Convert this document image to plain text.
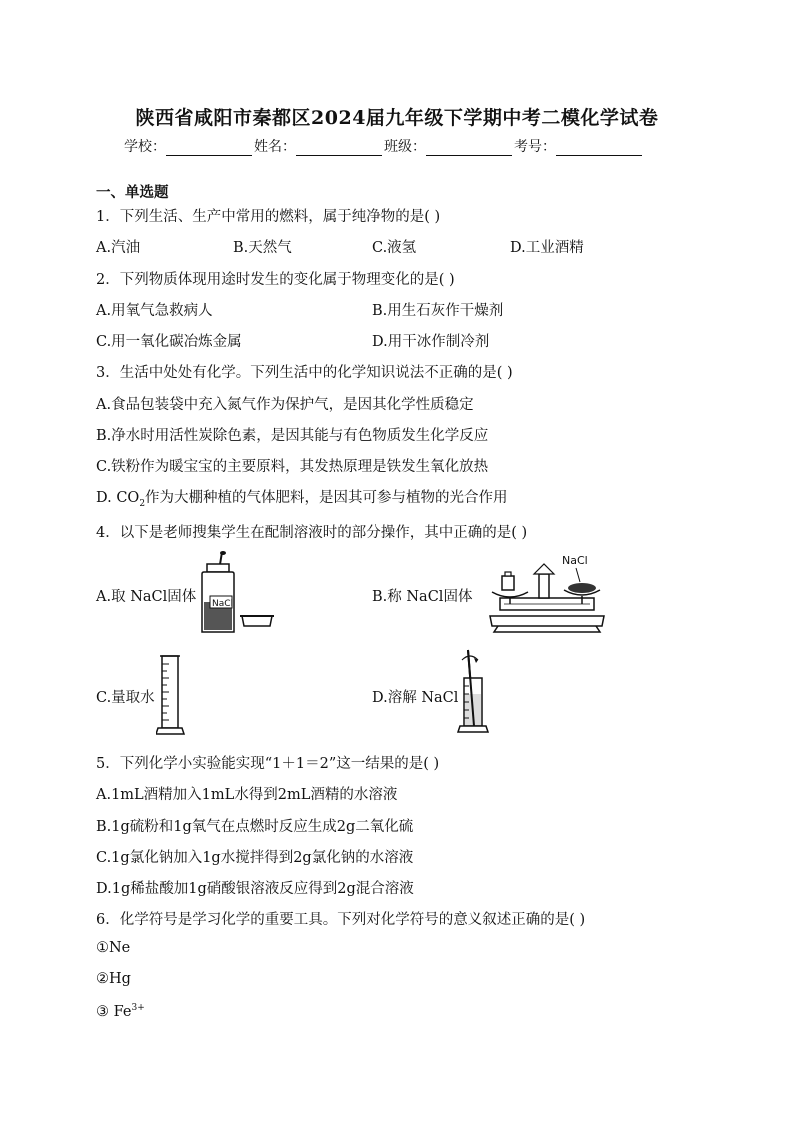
陕西省咸阳市秦都区2024届九年级下学期中考二模化学试卷
学校：	姓名：	班级：	考号：
一、单选题
1．下列生活、生产中常用的燃料，属于纯净物的是( )
A.汽油	B.天然气	C.液氢	D.工业酒精
2．下列物质体现用途时发生的变化属于物理变化的是( )
A.用氧气急救病人	B.用生石灰作干燥剂
C.用一氧化碳冶炼金属	D.用干冰作制冷剂
3．生活中处处有化学。下列生活中的化学知识说法不正确的是( )
A.食品包装袋中充入氮气作为保护气，是因其化学性质稳定
B.净水时用活性炭除色素，是因其能与有色物质发生化学反应
C.铁粉作为暖宝宝的主要原料，其发热原理是铁发生氧化放热
D. $CO_2$作为大棚种植的气体肥料，是因其可参与植物的光合作用
4．以下是老师搜集学生在配制溶液时的部分操作，其中正确的是( )
A.取 NaCl固体 NaCl	B.称 NaCl固体
NaCl
C.量取水	D.溶解 NaCl
5．下列化学小实验能实现“1＋1＝2”这一结果的是( )
A.1mL酒精加入1mL水得到2mL酒精的水溶液
B.1g硫粉和1g氧气在点燃时反应生成2g二氧化硫
C.1g氯化钠加入1g水搅拌得到2g氯化钠的水溶液
D.1g稀盐酸加1g硝酸银溶液反应得到2g混合溶液
6．化学符号是学习化学的重要工具。下列对化学符号的意义叙述正确的是( )
①Ne
②Hg
③ $Fe^{3+}$
